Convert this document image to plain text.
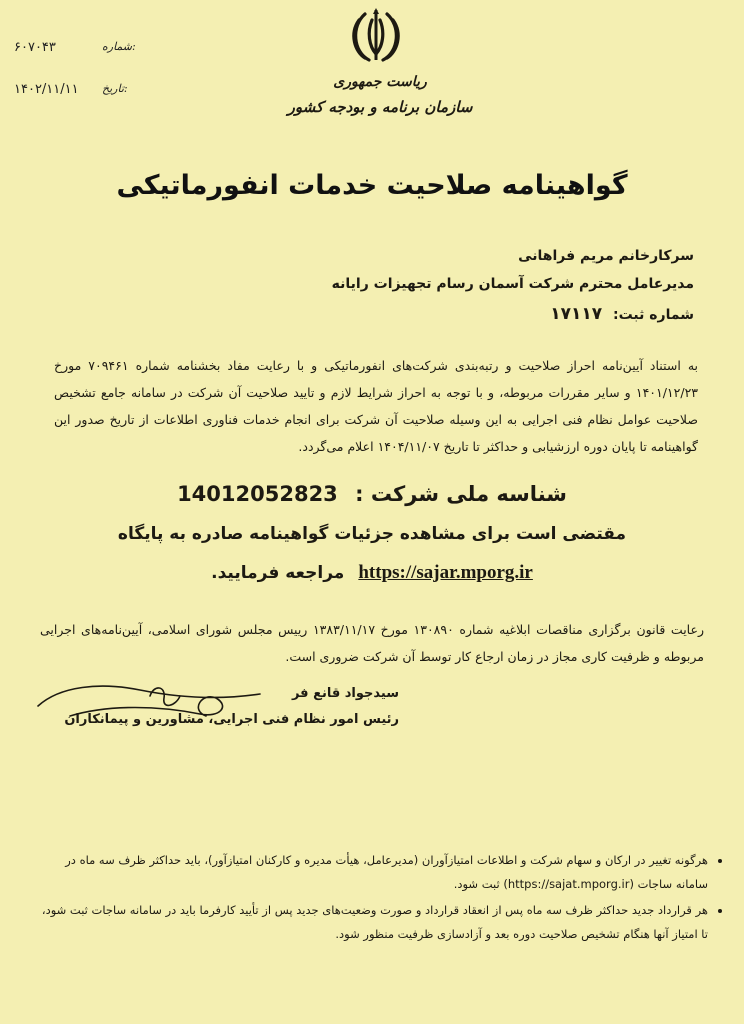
۶۰۷۰۴۳	شماره:
۱۴۰۲/۱۱/۱۱ تاریخ:	ریاست جمهوری
سازمان برنامه و بودجه کشور
گواهینامه صلاحیت خدمات انفورماتیکی
سرکارخانم مریم فراهانی
مدیرعامل محترم شرکت آسمان رسام تجهیزات رایانه
شماره ثبت: ۱۷۱۱۷
به استناد آیین‌نامه احراز صلاحیت و رتبه‌بندی شرکت‌های انفورماتیکی و با رعایت مفاد بخشنامه شماره ۷۰۹۴۶۱ مورخ ۱۴۰۱/۱۲/۲۳ و سایر مقررات مربوطه، و با توجه به احراز شرایط لازم و تایید صلاحیت آن شرکت در سامانه جامع تشخیص صلاحیت عوامل نظام فنی اجرایی به این وسیله صلاحیت آن شرکت برای انجام خدمات فناوری اطلاعات از تاریخ صدور این گواهینامه تا پایان دوره ارزشیابی و حداکثر تا تاریخ ۱۴۰۴/۱۱/۰۷ اعلام می‌گردد.
شناسه ملی شرکت : 14012052823
مقتضی است برای مشاهده جزئیات گواهینامه صادره به پایگاه
https://sajar.mporg.irمراجعه فرمایید.
رعایت قانون برگزاری مناقصات ابلاغیه شماره ۱۳۰۸۹۰ مورخ ۱۳۸۳/۱۱/۱۷ رییس مجلس شورای اسلامی، آیین‌نامه‌های اجرایی مربوطه و ظرفیت کاری مجاز در زمان ارجاع کار توسط آن شرکت ضروری است.
سیدجواد قانع فر
رئیس امور نظام فنی اجرایی، مشاورین و پیمانکاران
• هرگونه تغییر در ارکان و سهام شرکت و اطلاعات امتیازآوران (مدیرعامل، هیأت مدیره و کارکنان امتیازآور)، باید حداکثر ظرف سه ماه در سامانه ساجات (https://sajat.mporg.ir) ثبت شود.
• هر قرارداد جدید حداکثر ظرف سه ماه پس از انعقاد قرارداد و صورت وضعیت‌های جدید پس از تأیید کارفرما باید در سامانه ساجات ثبت شود، تا امتیاز آنها هنگام تشخیص صلاحیت دوره بعد و آزادسازی ظرفیت منظور شود.
